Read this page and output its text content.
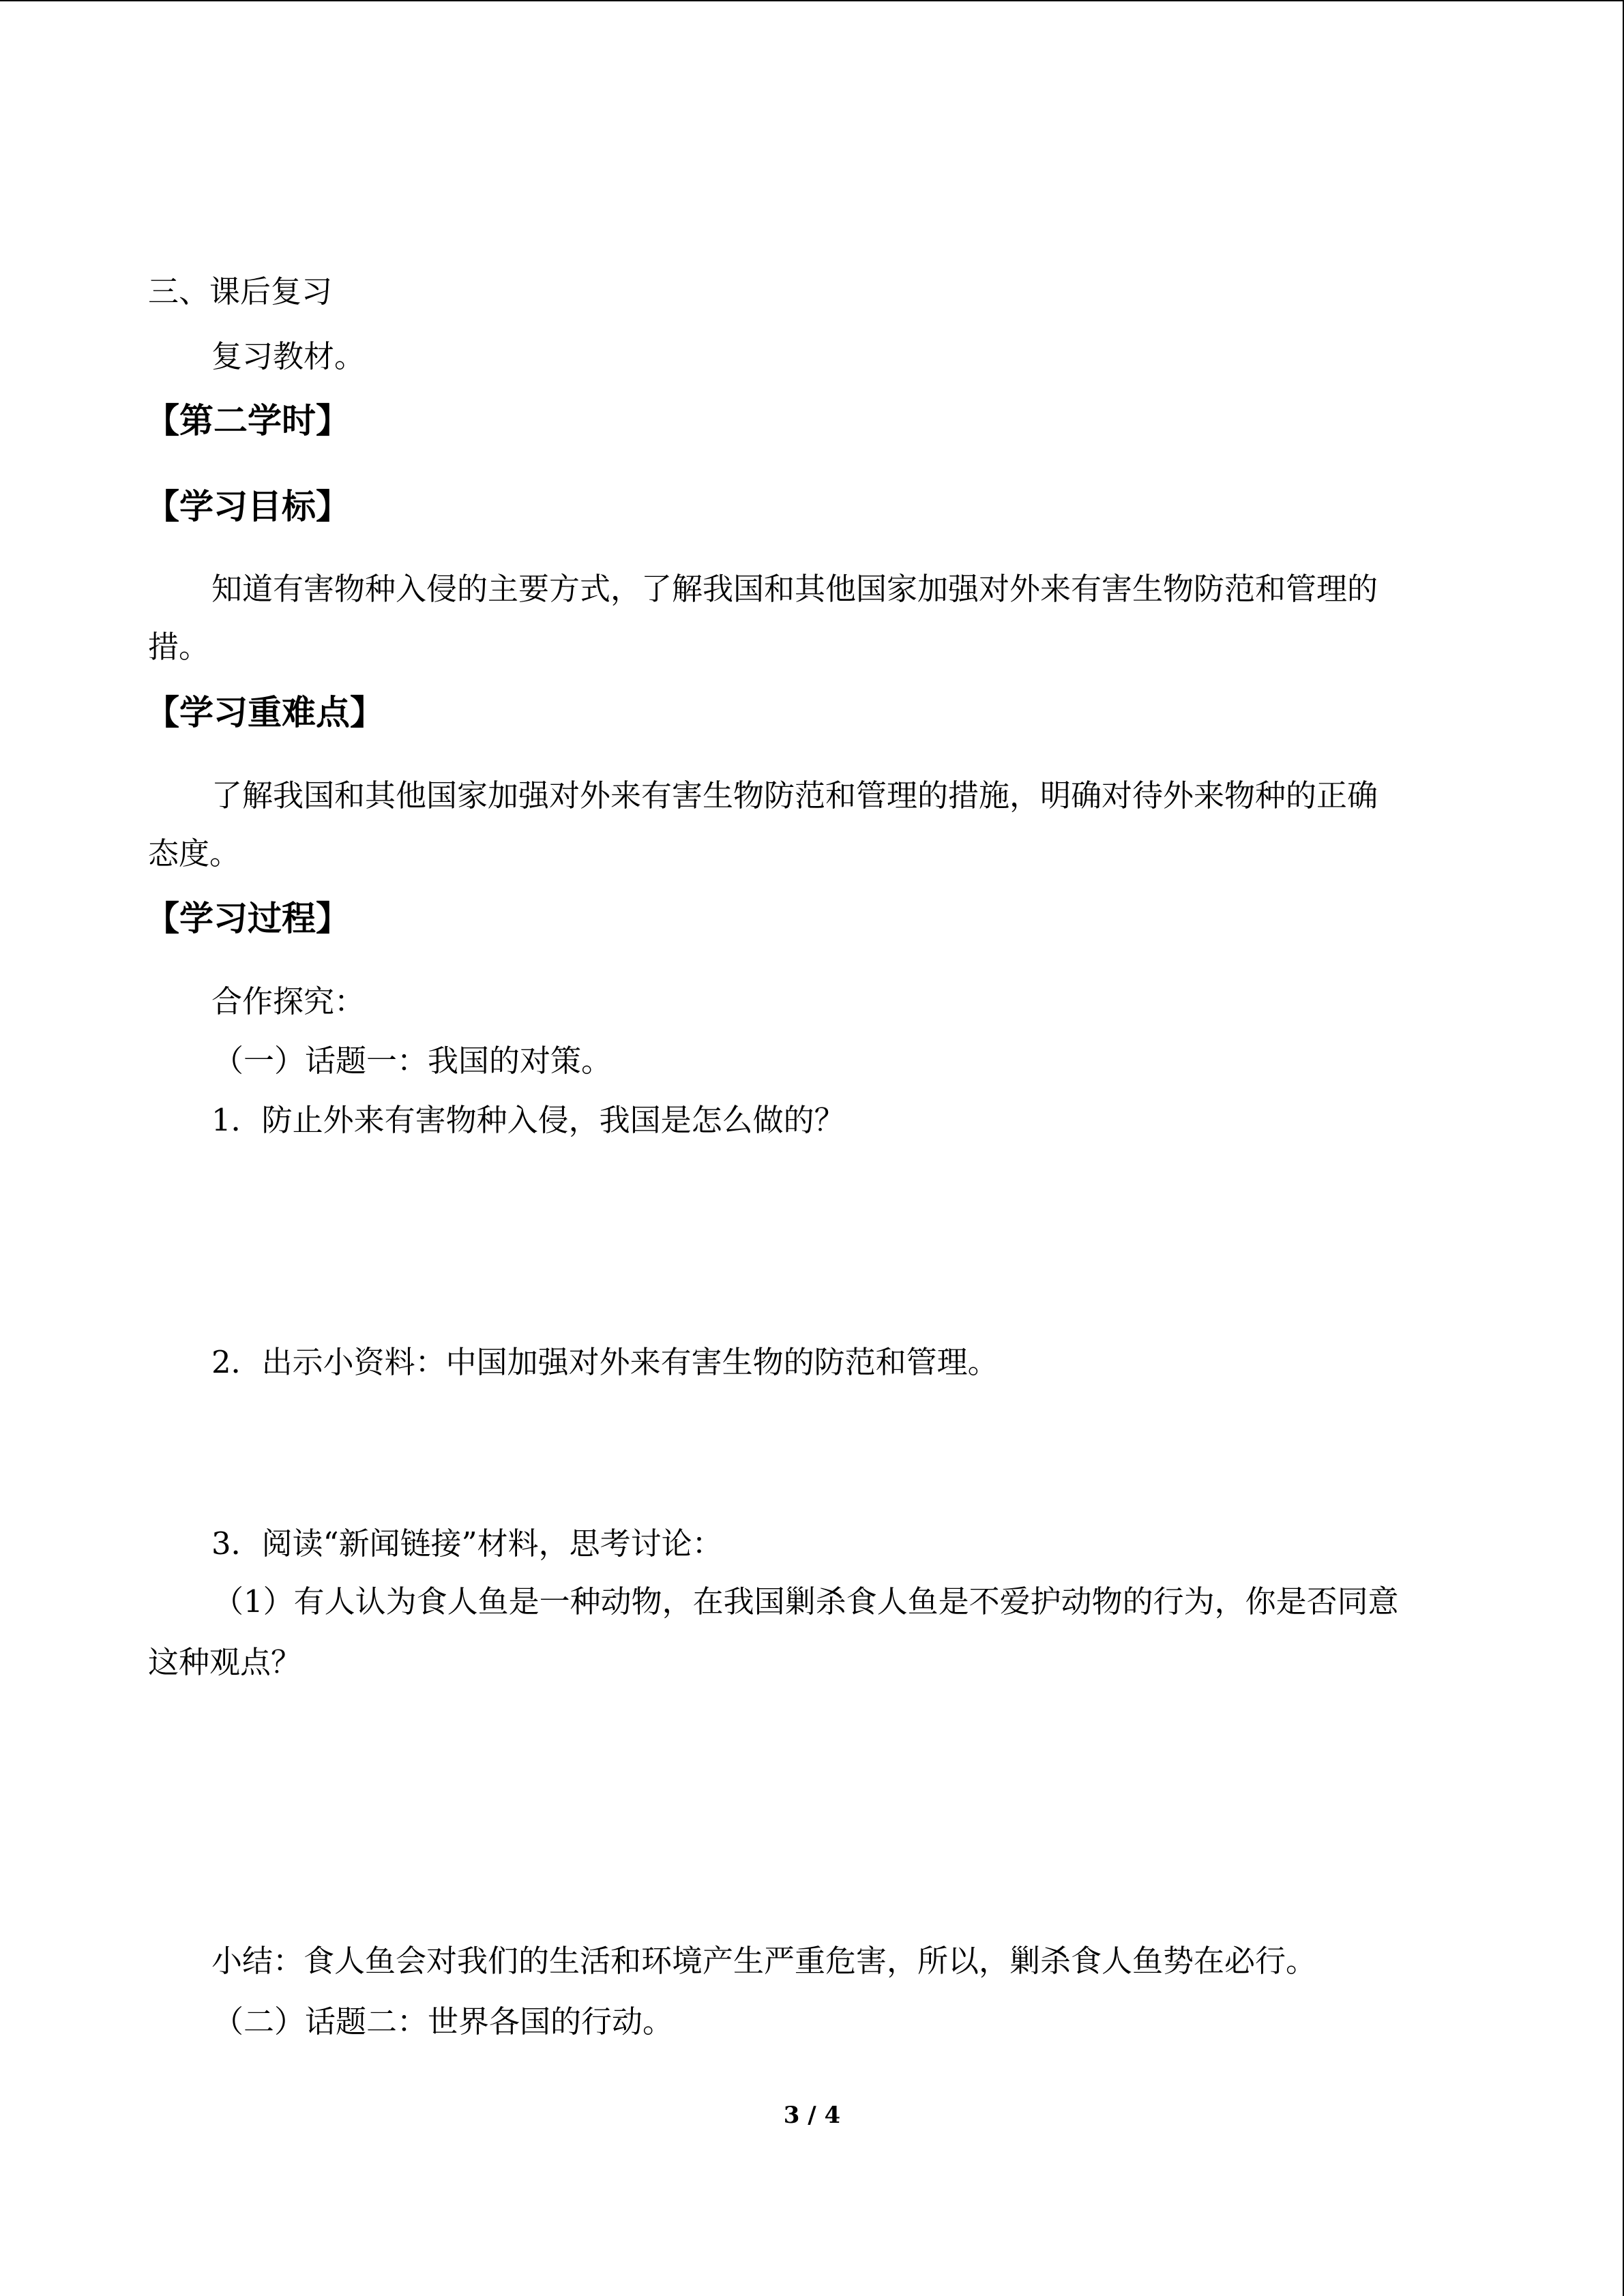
三、课后复习

复习教材。

【第二学时】

【学习目标】

知道有害物种入侵的主要方式，了解我国和其他国家加强对外来有害生物防范和管理的

措。

【学习重难点】

了解我国和其他国家加强对外来有害生物防范和管理的措施，明确对待外来物种的正确

态度。

【学习过程】

合作探究：

（一）话题一：我国的对策。

1．防止外来有害物种入侵，我国是怎么做的？

2．出示小资料：中国加强对外来有害生物的防范和管理。

3．阅读“新闻链接”材料，思考讨论：

（1）有人认为食人鱼是一种动物，在我国剿杀食人鱼是不爱护动物的行为，你是否同意

这种观点？

小结：食人鱼会对我们的生活和环境产生严重危害，所以，剿杀食人鱼势在必行。

（二）话题二：世界各国的行动。

3 / 4
